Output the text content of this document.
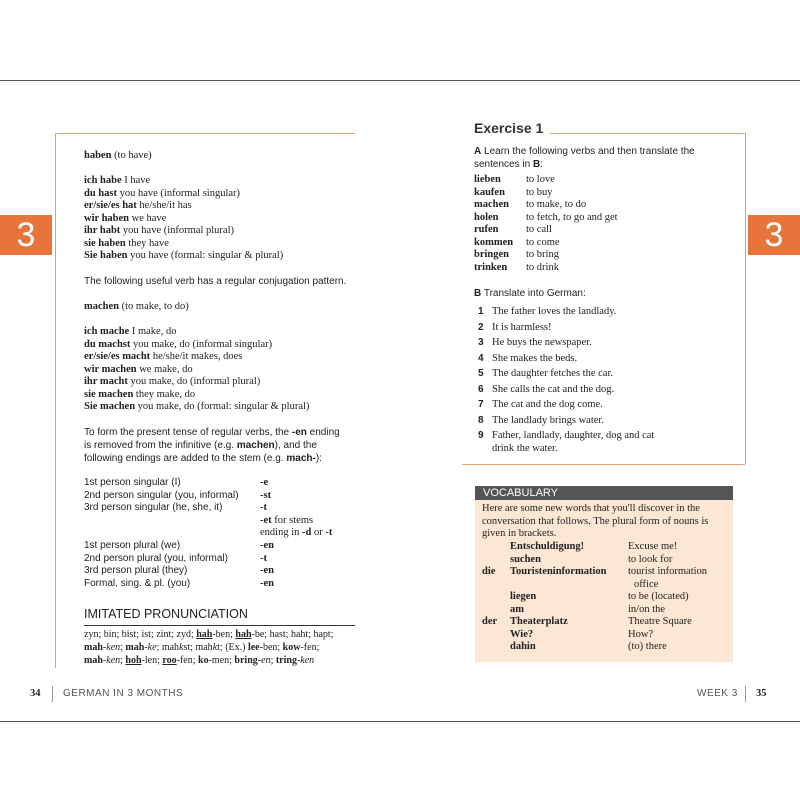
3	3
haben (to have)
ich habe I have
du hast you have (informal singular)
er/sie/es hat he/she/it has
wir haben we have
ihr habt you have (informal plural)
sie haben they have
Sie haben you have (formal: singular & plural)
The following useful verb has a regular conjugation pattern.
machen (to make, to do)
ich mache I make, do
du machst you make, do (informal singular)
er/sie/es macht he/she/it makes, does
wir machen we make, do
ihr macht you make, do (informal plural)
sie machen they make, do
Sie machen you make, do (formal: singular & plural)
To form the present tense of regular verbs, the -en ending
is removed from the infinitive (e.g. machen), and the
following endings are added to the stem (e.g. mach-):
1st person singular (I)	-e
2nd person singular (you, informal) -st
3rd person singular (he, she, it)	-t
-et for stems
ending in -d or -t
1st person plural (we)	-en
2nd person plural (you, informal)	-t
3rd person plural (they)	-en
Formal, sing. & pl. (you)	-en
IMITATED PRONUNCIATION
zyn; bin; bist; ist; zint; zyd; hah-ben; hah-be; hast; haht; hapt;
mah-ken; mah-ke; mahkst; mahkt; (Ex.) lee-ben; kow-fen;
mah-ken; hoh-len; roo-fen; ko-men; bring-en; tring-ken
34 GERMAN IN 3 MONTHS
Exercise 1
A Learn the following verbs and then translate the
sentences in B:
lieben to love
kaufen to buy
machen to make, to do
holen	to fetch, to go and get
rufen	to call
kommen to come
bringen to bring
trinken to drink
B Translate into German:
1 The father loves the landlady.
2 It is harmless!
3 He buys the newspaper.
4 She makes the beds.
5 The daughter fetches the car.
6 She calls the cat and the dog.
7 The cat and the dog come.
8 The landlady brings water.
9 Father, landlady, daughter, dog and cat
drink the water.
VOCABULARY
Here are some new words that you'll discover in the
conversation that follows. The plural form of nouns is
given in brackets.
Entschuldigung!	Excuse me!
suchen	to look for
die Touristeninformation tourist information
office
liegen	to be (located)
am	in/on the
der Theaterplatz	Theatre Square
Wie?	How?
dahin	(to) there
WEEK 3 35
